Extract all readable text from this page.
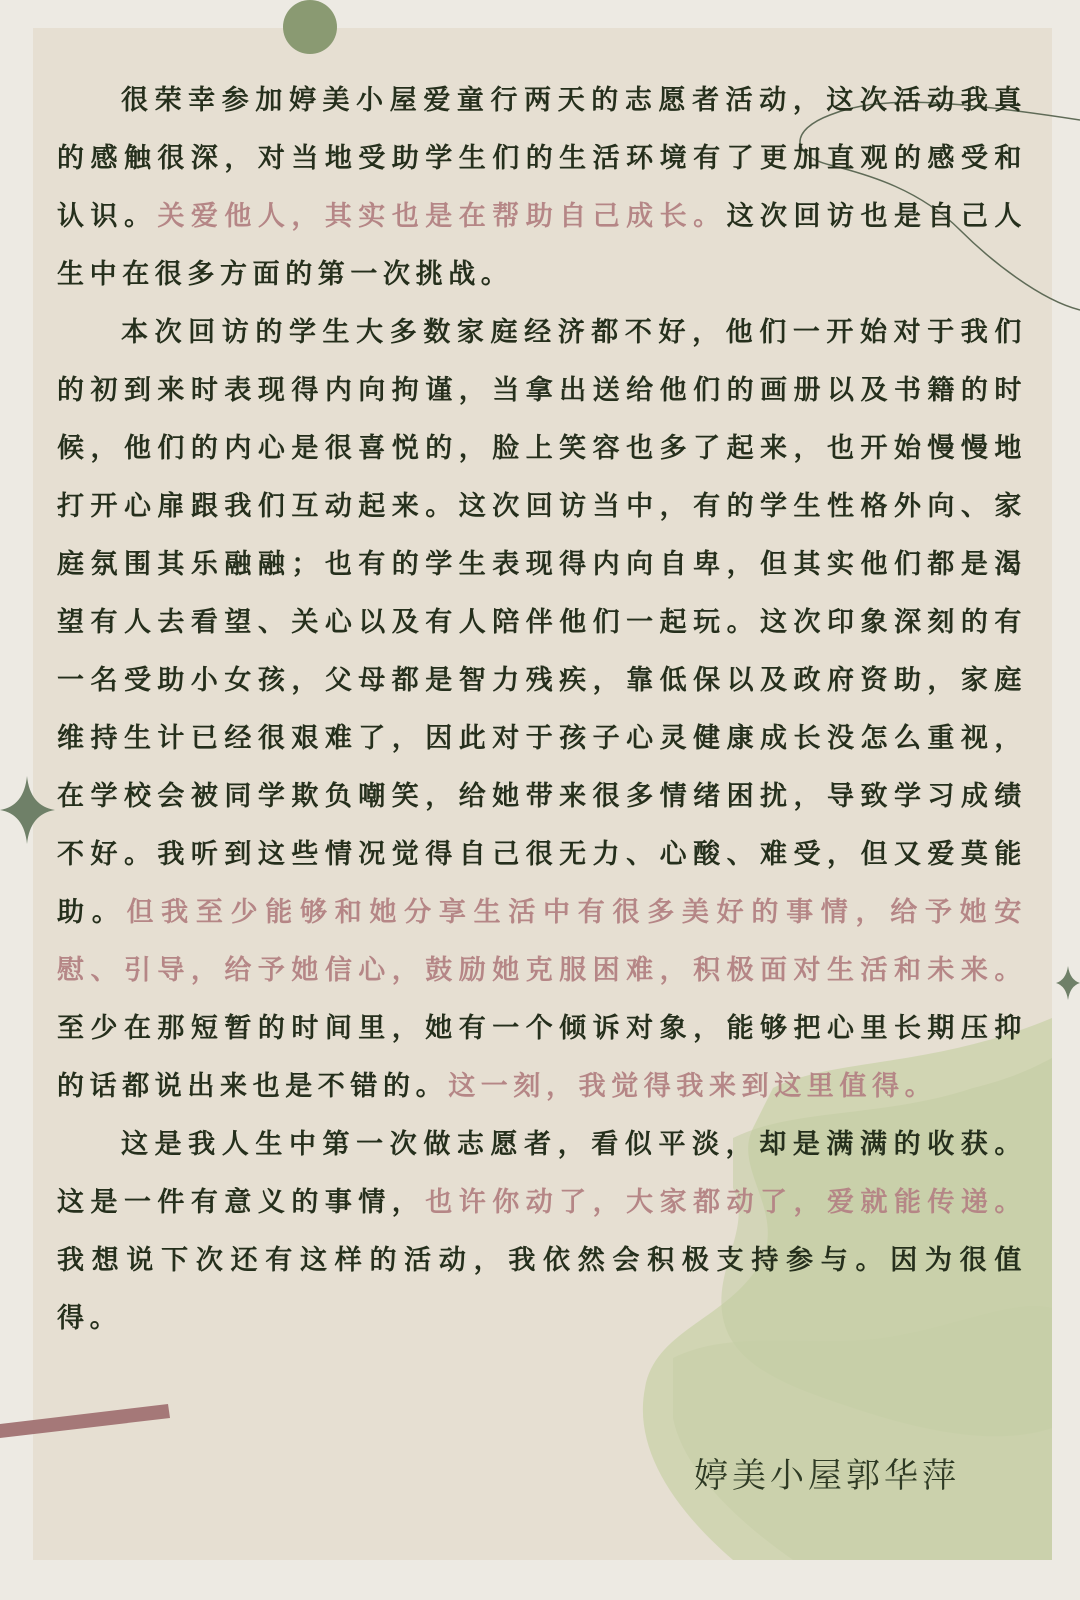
很荣幸参加婷美小屋爱童行两天的志愿者活动，这次活动我真的感触很深，对当地受助学生们的生活环境有了更加直观的感受和认识。关爱他人，其实也是在帮助自己成长。这次回访也是自己人生中在很多方面的第一次挑战。

本次回访的学生大多数家庭经济都不好，他们一开始对于我们的初到来时表现得内向拘谨，当拿出送给他们的画册以及书籍的时候，他们的内心是很喜悦的，脸上笑容也多了起来，也开始慢慢地打开心扉跟我们互动起来。这次回访当中，有的学生性格外向、家庭氛围其乐融融；也有的学生表现得内向自卑，但其实他们都是渴望有人去看望、关心以及有人陪伴他们一起玩。这次印象深刻的有一名受助小女孩，父母都是智力残疾，靠低保以及政府资助，家庭维持生计已经很艰难了，因此对于孩子心灵健康成长没怎么重视，在学校会被同学欺负嘲笑，给她带来很多情绪困扰，导致学习成绩不好。我听到这些情况觉得自己很无力、心酸、难受，但又爱莫能助。但我至少能够和她分享生活中有很多美好的事情，给予她安慰、引导，给予她信心，鼓励她克服困难，积极面对生活和未来。至少在那短暂的时间里，她有一个倾诉对象，能够把心里长期压抑的话都说出来也是不错的。这一刻，我觉得我来到这里值得。

这是我人生中第一次做志愿者，看似平淡，却是满满的收获。这是一件有意义的事情，也许你动了，大家都动了，爱就能传递。我想说下次还有这样的活动，我依然会积极支持参与。因为很值得。

婷美小屋郭华萍
